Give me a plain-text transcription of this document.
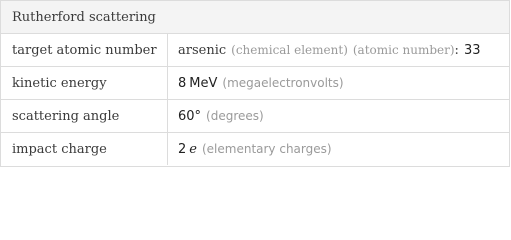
Rutherford scattering
target atomic number	arsenic (chemical element) (atomic number) : 33
kinetic energy	8 MeV (megaelectronvolts)
scattering angle	60° (degrees)
impact charge	2 e (elementary charges)
